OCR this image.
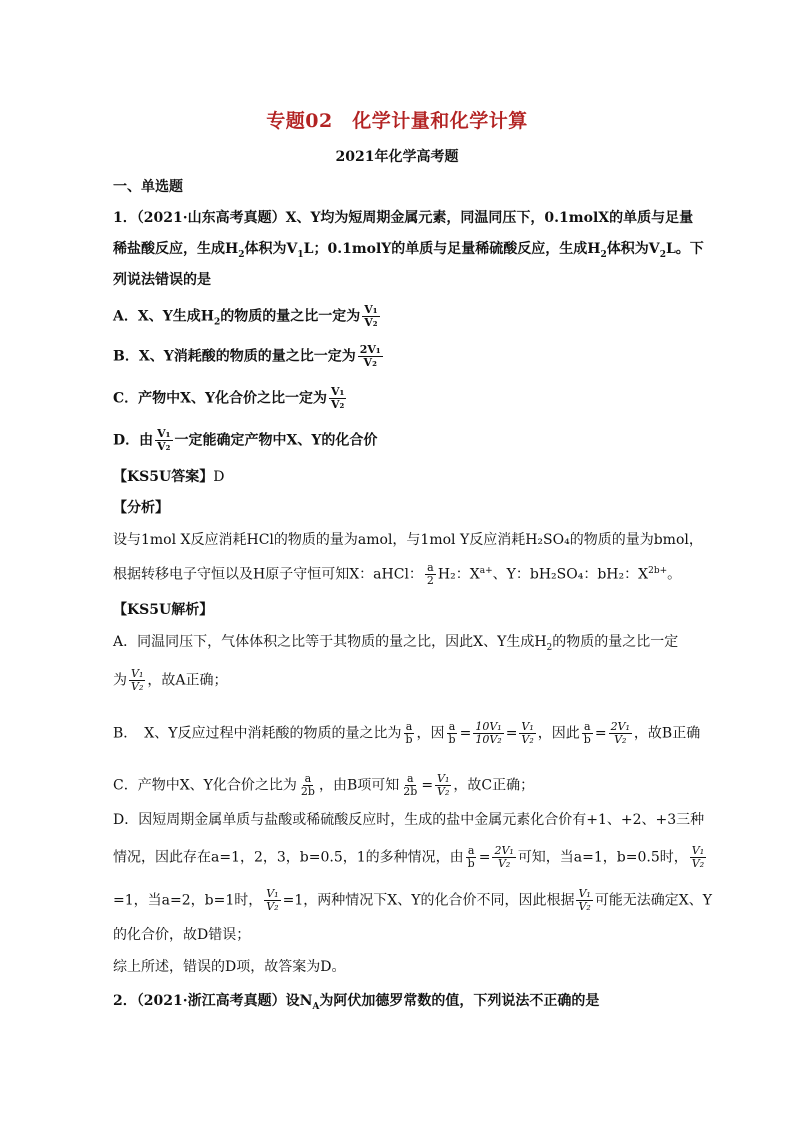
专题02　化学计量和化学计算
2021年化学高考题
一、单选题
1．（2021·山东高考真题）X、Y均为短周期金属元素，同温同压下，0.1molX的单质与足量
稀盐酸反应，生成$H_2$体积为$V_1L$；0.1molY的单质与足量稀硫酸反应，生成$H_2$体积为$V_2L$。下
列说法错误的是
A．X、Y生成$H_2$的物质的量之比一定为 $\frac{\text{V₁}}{\text{V₂}}$
B．X、Y消耗酸的物质的量之比一定为 $\frac{\text{2V₁}}{\text{V₂}}$
C．产物中X、Y化合价之比一定为 $\frac{\text{V₁}}{\text{V₂}}$
D．由 $\frac{\text{V₁}}{\text{V₂}}$ 一定能确定产物中X、Y的化合价
【KS5U答案】D
【分析】
设与1mol X反应消耗HCl的物质的量为amol，与1mol Y反应消耗H₂SO₄的物质的量为bmol，
根据转移电子守恒以及H原子守恒可知X：aHCl： $\frac{a}{2} H_2$：$X^{a+}$、Y：bH₂SO₄：bH₂：$X^{2b+}$。
【KS5U解析】
A．同温同压下，气体体积之比等于其物质的量之比，因此X、Y生成$H_2$的物质的量之比一定
为 $\frac{\text{V₁}}{\text{V₂}}$ ，故A正确；
B．　X、Y反应过程中消耗酸的物质的量之比为 $\frac{a}{b}$ ，因 $\frac{a}{b} = \frac{\text{10V₁}}{\text{10V₂}} = \frac{\text{V₁}}{\text{V₂}}$ ，因此 $\frac{a}{b} = \frac{\text{2V₁}}{\text{V₂}}$ ，故B正确
C．产物中X、Y化合价之比为 $\frac{a}{2b}$ ，由B项可知 $\frac{a}{2b} = \frac{\text{V₁}}{\text{V₂}}$ ，故C正确；
D．因短周期金属单质与盐酸或稀硫酸反应时，生成的盐中金属元素化合价有+1、+2、+3三种
情况，因此存在a=1，2，3，b=0.5，1的多种情况，由 $\frac{a}{b} = \frac{\text{2V₁}}{\text{V₂}}$ 可知，当a=1，b=0.5时， $\frac{\text{V₁}}{\text{V₂}}$
=1，当a=2，b=1时， $\frac{\text{V₁}}{\text{V₂}} =1$，两种情况下X、Y的化合价不同，因此根据 $\frac{\text{V₁}}{\text{V₂}}$ 可能无法确定X、Y
的化合价，故D错误；
综上所述，错误的D项，故答案为D。
2．（2021·浙江高考真题）设$N_A$为阿伏加德罗常数的值，下列说法不正确的是
